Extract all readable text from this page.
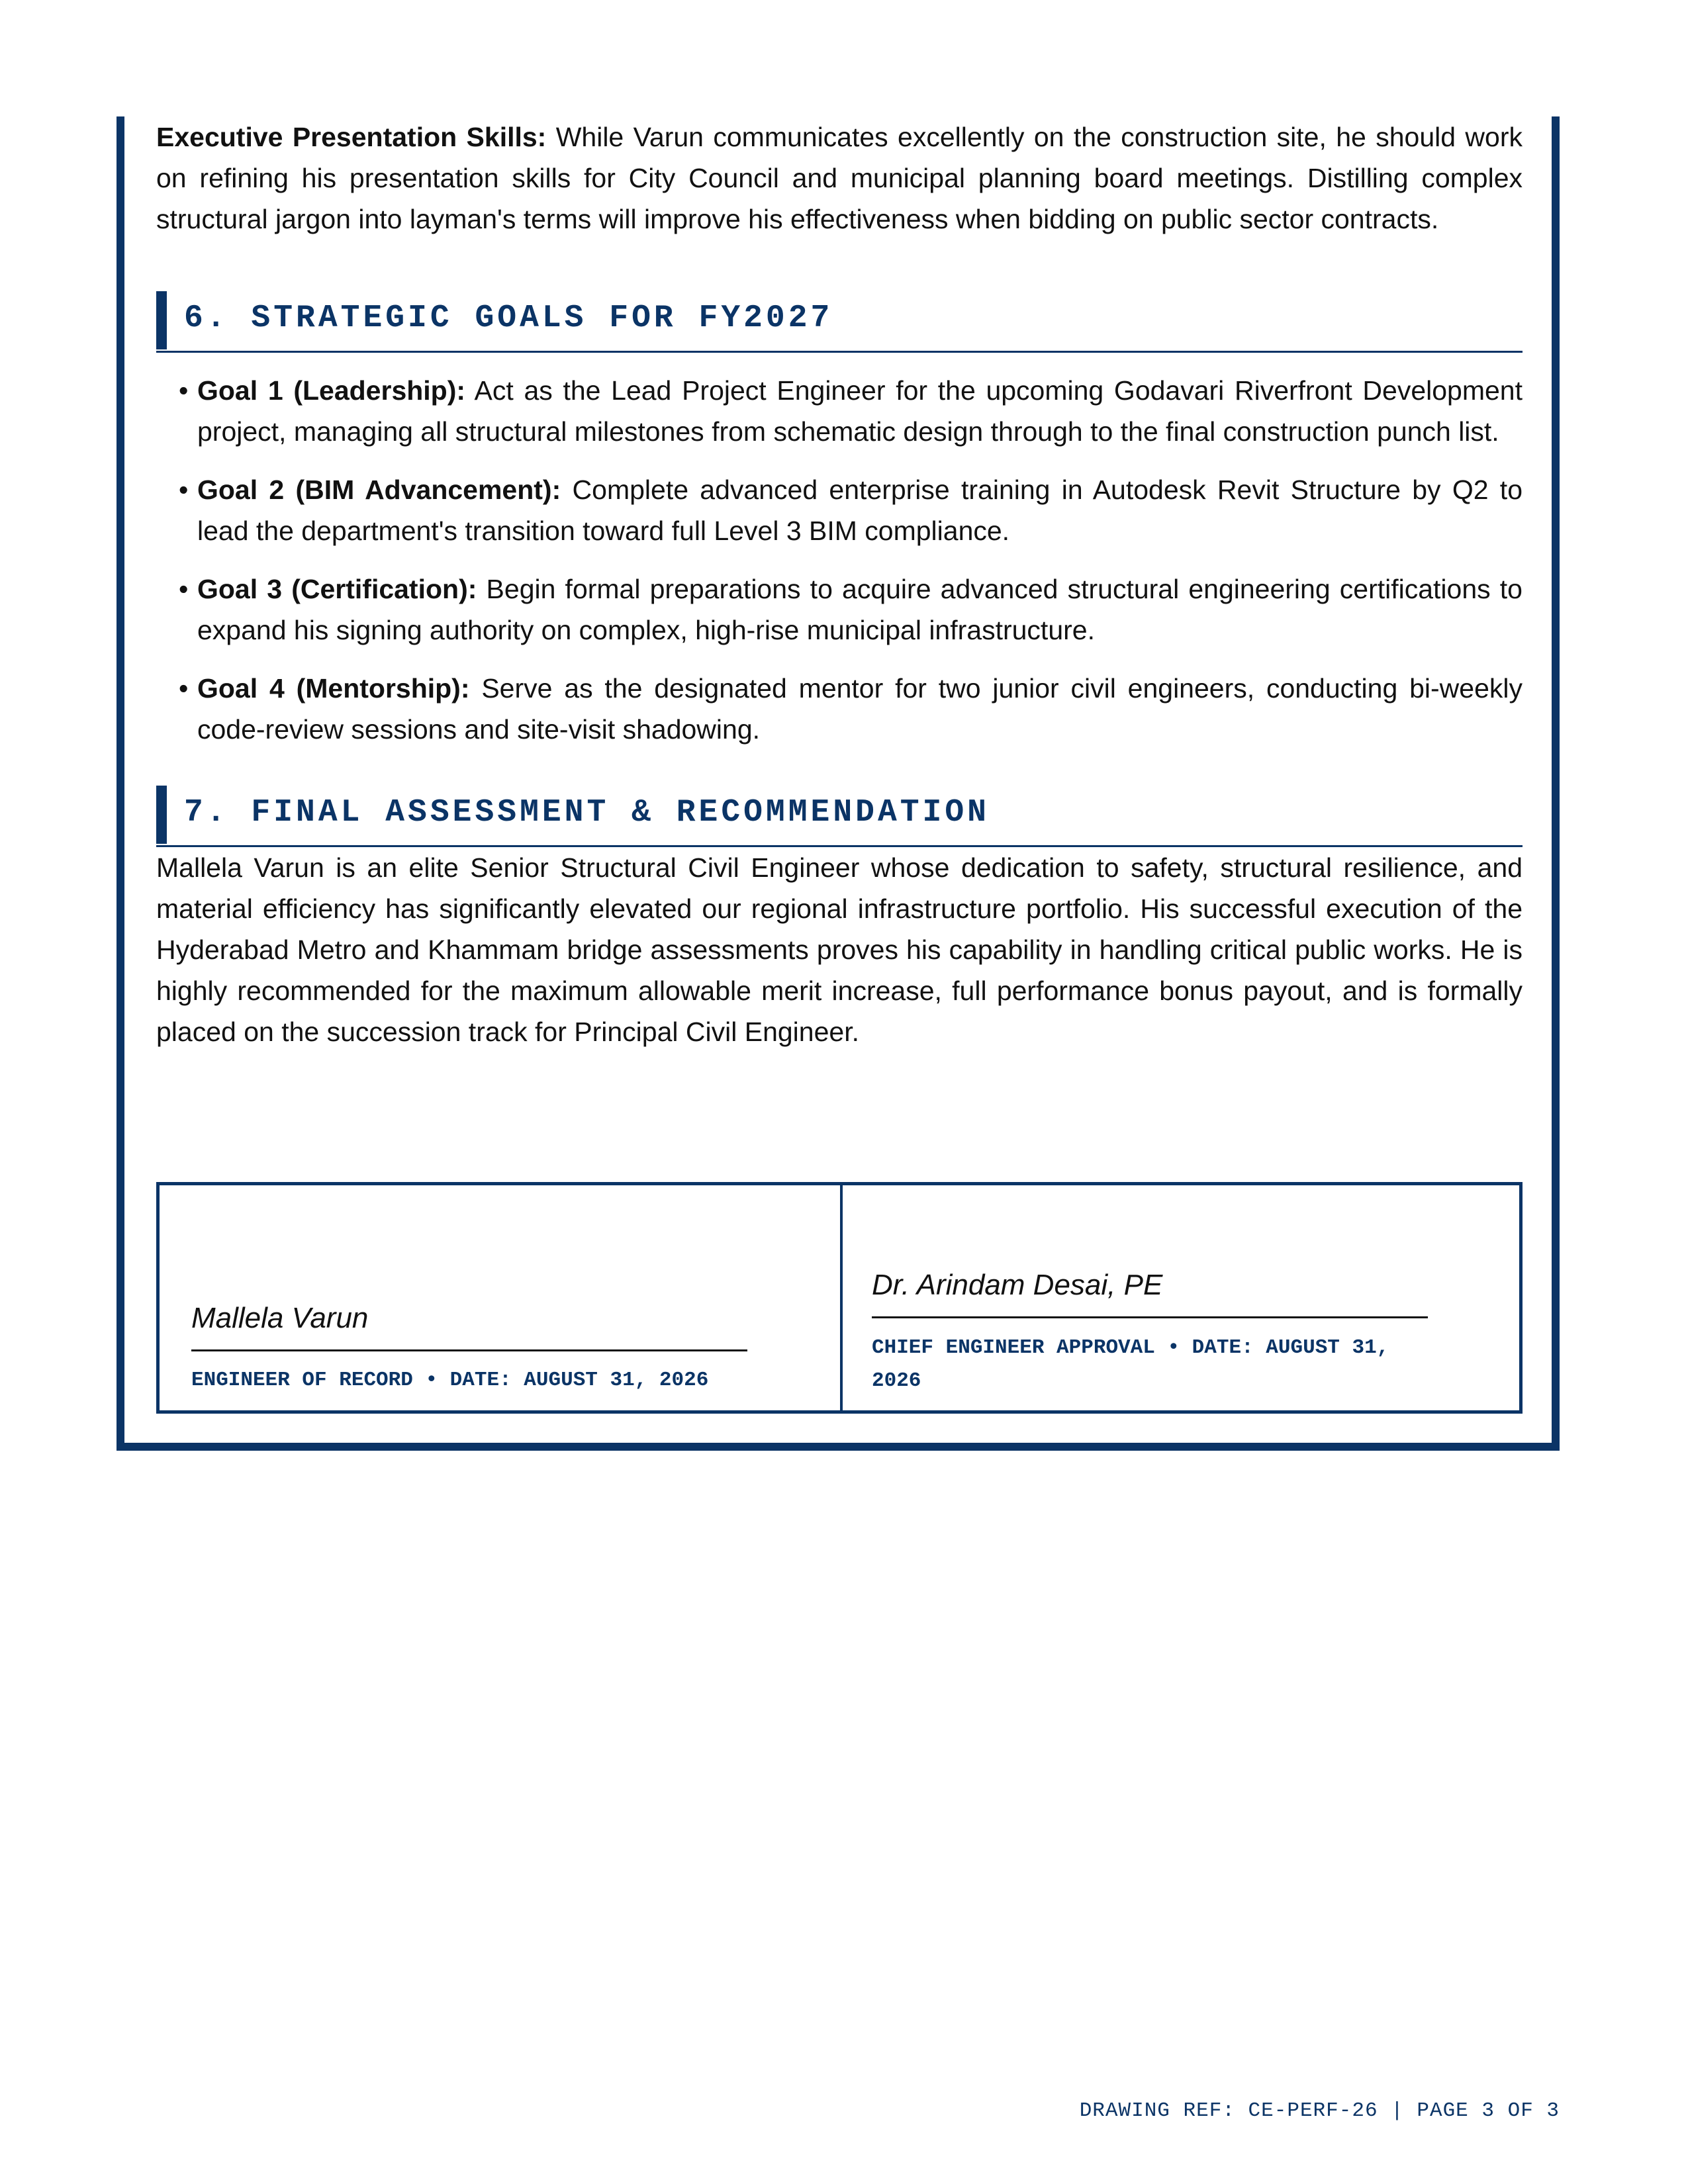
Executive Presentation Skills: While Varun communicates excellently on the construction site, he should work on refining his presentation skills for City Council and municipal planning board meetings. Distilling complex structural jargon into layman's terms will improve his effectiveness when bidding on public sector contracts.

6. STRATEGIC GOALS FOR FY2027
• Goal 1 (Leadership): Act as the Lead Project Engineer for the upcoming Godavari Riverfront Development project, managing all structural milestones from schematic design through to the final construction punch list.
• Goal 2 (BIM Advancement): Complete advanced enterprise training in Autodesk Revit Structure by Q2 to lead the department's transition toward full Level 3 BIM compliance.
• Goal 3 (Certification): Begin formal preparations to acquire advanced structural engineering certifications to expand his signing authority on complex, high-rise municipal infrastructure.
• Goal 4 (Mentorship): Serve as the designated mentor for two junior civil engineers, conducting bi-weekly code-review sessions and site-visit shadowing.
7. FINAL ASSESSMENT & RECOMMENDATION

Mallela Varun is an elite Senior Structural Civil Engineer whose dedication to safety, structural resilience, and material efficiency has significantly elevated our regional infrastructure portfolio. His successful execution of the Hyderabad Metro and Khammam bridge assessments proves his capability in handling critical public works. He is highly recommended for the maximum allowable merit increase, full performance bonus payout, and is formally placed on the succession track for Principal Civil Engineer.

Mallela Varun
ENGINEER OF RECORD • DATE: AUGUST 31, 2026
Dr. Arindam Desai, PE
CHIEF ENGINEER APPROVAL • DATE: AUGUST 31, 2026
DRAWING REF: CE-PERF-26 | PAGE 3 OF 3
